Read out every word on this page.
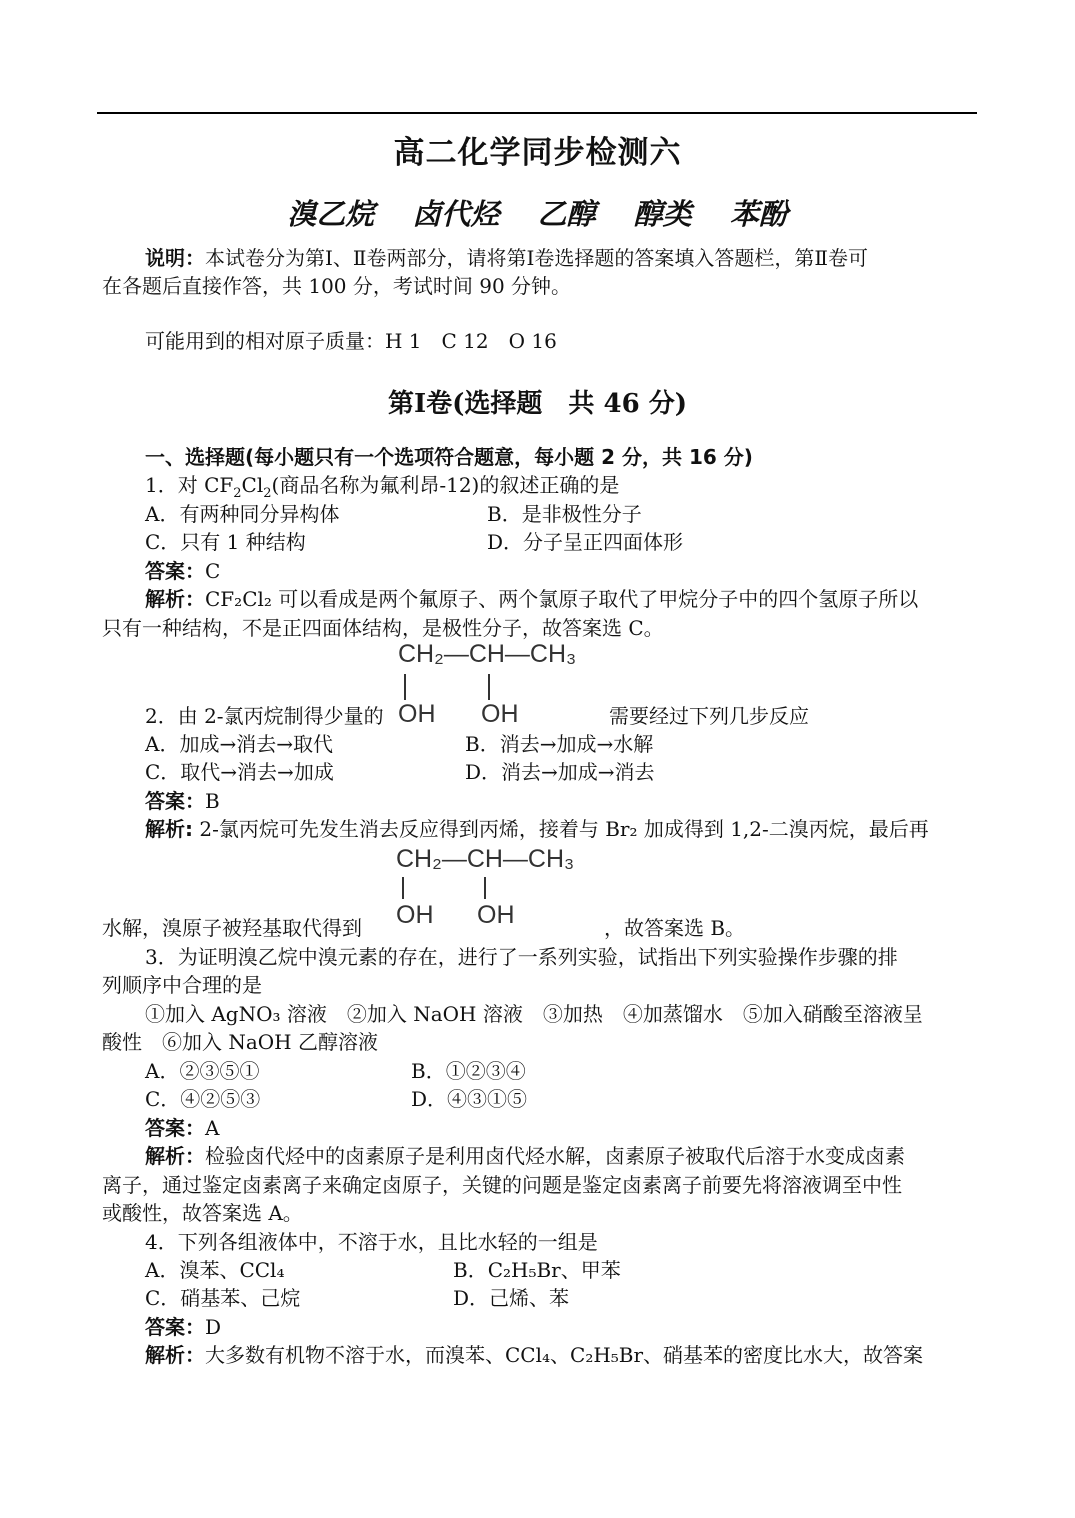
高二化学同步检测六
溴乙烷 卤代烃 乙醇 醇类 苯酚
说明：本试卷分为第Ⅰ、Ⅱ卷两部分，请将第Ⅰ卷选择题的答案填入答题栏，第Ⅱ卷可
在各题后直接作答，共 100 分，考试时间 90 分钟。
可能用到的相对原子质量：H 1　C 12　O 16
第Ⅰ卷(选择题　共 46 分)
一、选择题(每小题只有一个选项符合题意，每小题 2 分，共 16 分)
1．对 $CF_2Cl_2$(商品名称为氟利昂-12)的叙述正确的是
A．有两种同分异构体	B．是非极性分子
C．只有 1 种结构	D．分子呈正四面体形
答案：C
解析：CF₂Cl₂ 可以看成是两个氟原子、两个氯原子取代了甲烷分子中的四个氢原子所以
只有一种结构，不是正四面体结构，是极性分子，故答案选 C。
CH₂—CH—CH₃
OH OH
2．由 2-氯丙烷制得少量的	需要经过下列几步反应
A．加成→消去→取代	B．消去→加成→水解
C．取代→消去→加成	D．消去→加成→消去
答案：B
解析: 2-氯丙烷可先发生消去反应得到丙烯，接着与 Br₂ 加成得到 1,2-二溴丙烷，最后再
CH₂—CH—CH₃
OH OH
水解，溴原子被羟基取代得到	，故答案选 B。
3．为证明溴乙烷中溴元素的存在，进行了一系列实验，试指出下列实验操作步骤的排
列顺序中合理的是
①加入 AgNO₃ 溶液　②加入 NaOH 溶液　③加热　④加蒸馏水　⑤加入硝酸至溶液呈
酸性　⑥加入 NaOH 乙醇溶液
A．②③⑤①	B．①②③④
C．④②⑤③	D．④③①⑤
答案：A
解析：检验卤代烃中的卤素原子是利用卤代烃水解，卤素原子被取代后溶于水变成卤素
离子，通过鉴定卤素离子来确定卤原子，关键的问题是鉴定卤素离子前要先将溶液调至中性
或酸性，故答案选 A。
4．下列各组液体中，不溶于水，且比水轻的一组是
A．溴苯、CCl₄	B．C₂H₅Br、甲苯
C．硝基苯、己烷	D．己烯、苯
答案：D
解析：大多数有机物不溶于水，而溴苯、CCl₄、C₂H₅Br、硝基苯的密度比水大，故答案
